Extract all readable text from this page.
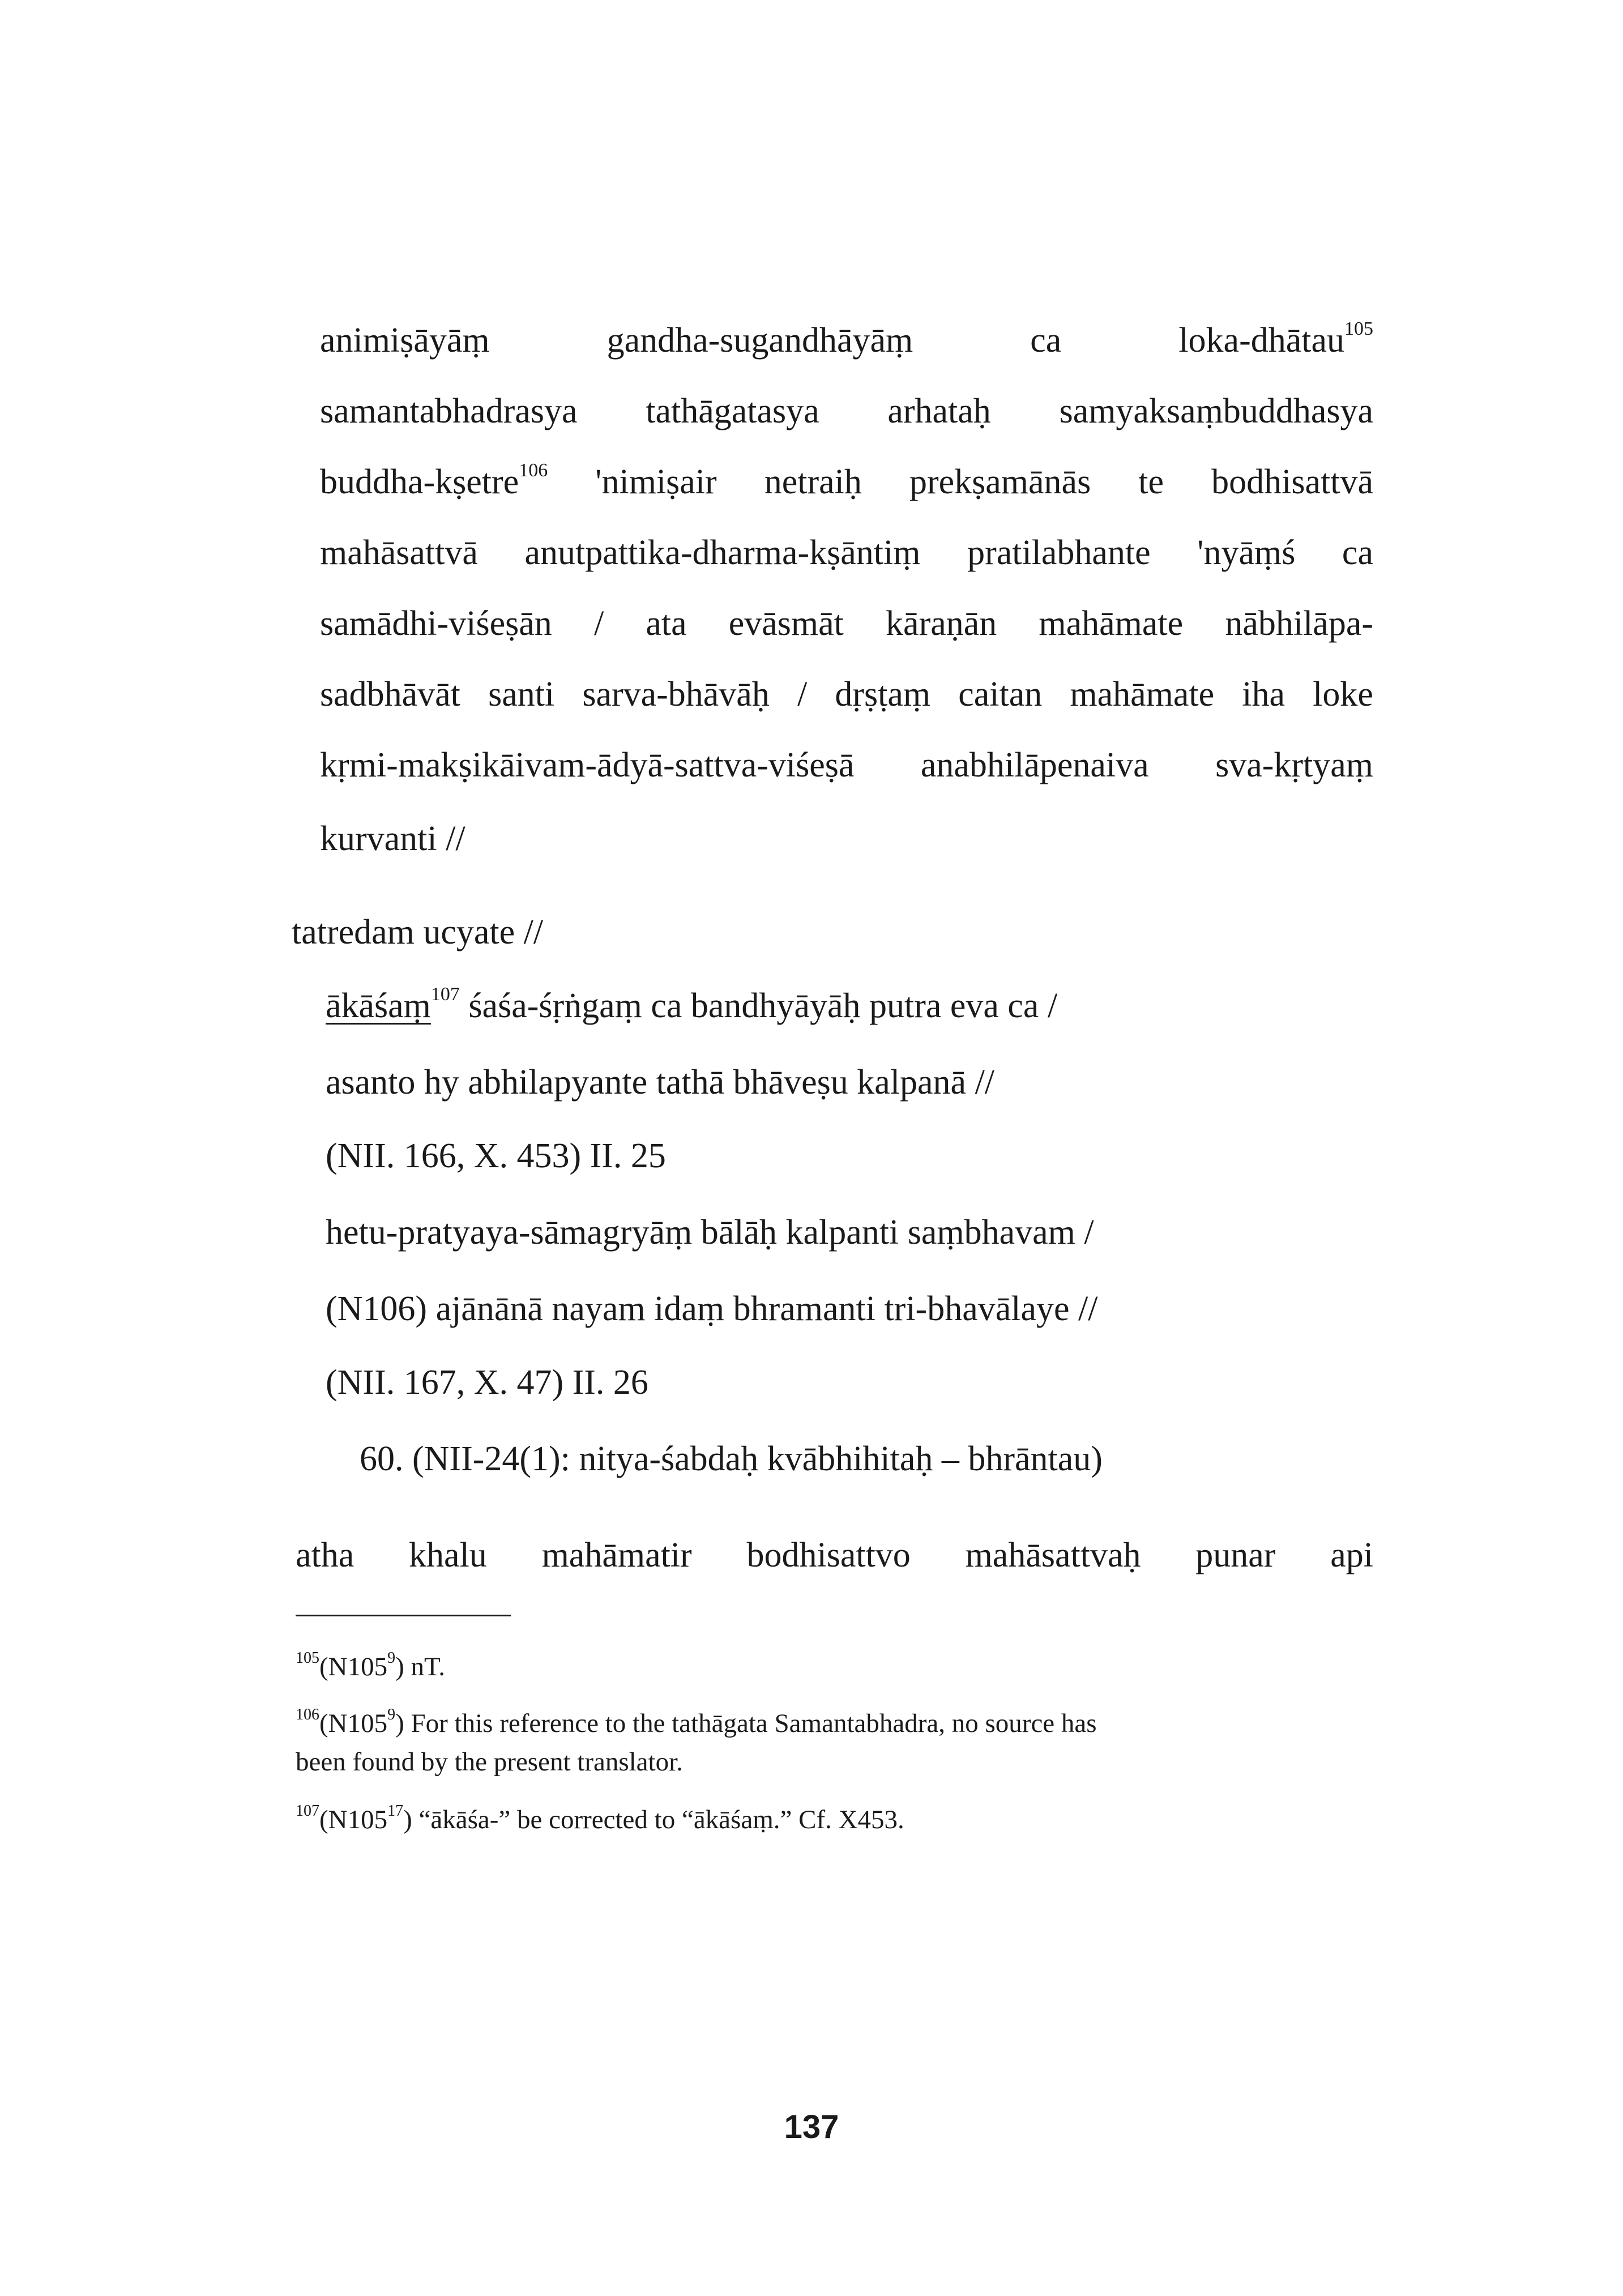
animiṣāyāṃ	gandha-sugandhāyāṃ	ca	loka-dhātau$^{105}$
samantabhadrasya tathāgatasya arhataḥ samyaksaṃbuddhasya
buddha-kṣetre$^{106}$ 'nimiṣair netraiḥ prekṣamānās te bodhisattvā
mahāsattvā anutpattika-dharma-kṣāntiṃ pratilabhante 'nyāṃś ca
samādhi-viśeṣān / ata evāsmāt kāraṇān mahāmate nābhilāpa-
sadbhāvāt santi sarva-bhāvāḥ / dṛṣṭaṃ caitan mahāmate iha loke
kṛmi-makṣikāivam-ādyā-sattva-viśeṣā anabhilāpenaiva sva-kṛtyaṃ
kurvanti //
tatredam ucyate //
ākāśaṃ$^{107}$ śaśa-śṛṅgaṃ ca bandhyāyāḥ putra eva ca /
asanto hy abhilapyante tathā bhāveṣu kalpanā //
(NII. 166, X. 453) II. 25
hetu-pratyaya-sāmagryāṃ bālāḥ kalpanti saṃbhavam /
(N106) ajānānā nayam idaṃ bhramanti tri-bhavālaye //
(NII. 167, X. 47) II. 26
60. (NII-24(1): nitya-śabdaḥ kvābhihitaḥ – bhrāntau)
atha khalu mahāmatir bodhisattvo mahāsattvaḥ punar api
$^{105}(N105^9)$ nT.
$^{106}(N105^9)$ For this reference to the tathāgata Samantabhadra, no source has
been found by the present translator.
$^{107}(N105^{17})$ “ākāśa-” be corrected to “ākāśaṃ.” Cf. X453.
137
